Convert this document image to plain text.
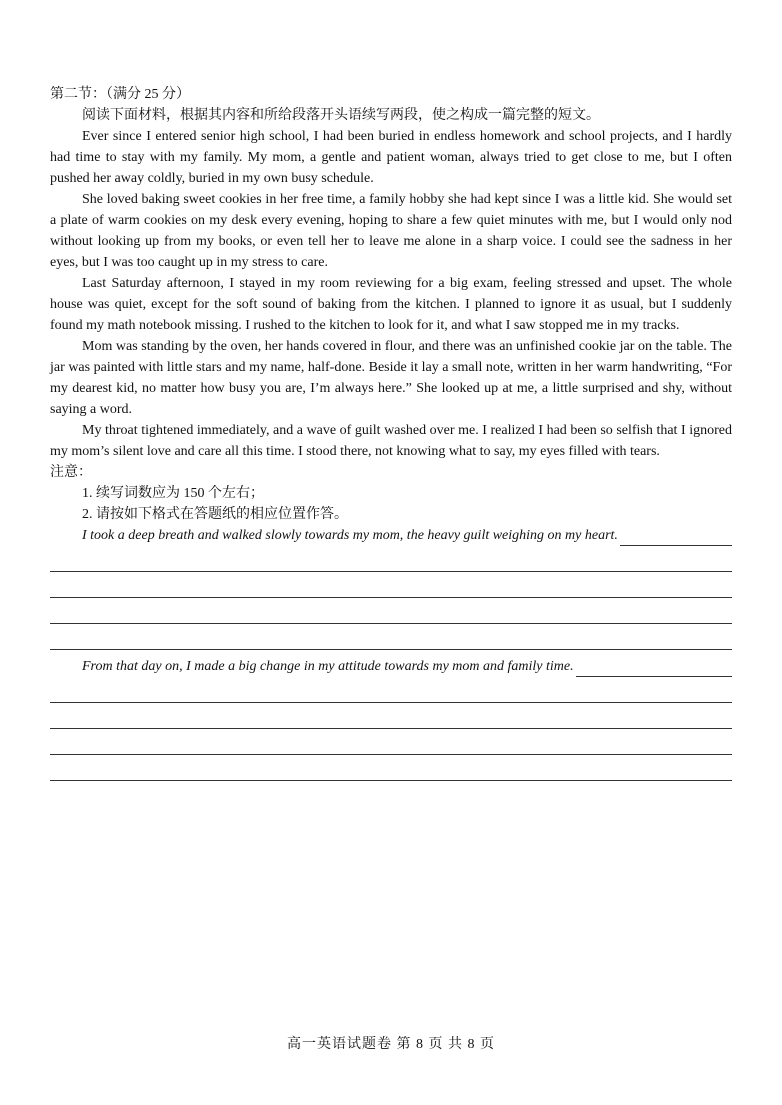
第二节：（满分 25 分）

阅读下面材料，根据其内容和所给段落开头语续写两段，使之构成一篇完整的短文。

Ever since I entered senior high school, I had been buried in endless homework and school projects, and I hardly had time to stay with my family. My mom, a gentle and patient woman, always tried to get close to me, but I often pushed her away coldly, buried in my own busy schedule.

She loved baking sweet cookies in her free time, a family hobby she had kept since I was a little kid. She would set a plate of warm cookies on my desk every evening, hoping to share a few quiet minutes with me, but I would only nod without looking up from my books, or even tell her to leave me alone in a sharp voice. I could see the sadness in her eyes, but I was too caught up in my stress to care.

Last Saturday afternoon, I stayed in my room reviewing for a big exam, feeling stressed and upset. The whole house was quiet, except for the soft sound of baking from the kitchen. I planned to ignore it as usual, but I suddenly found my math notebook missing. I rushed to the kitchen to look for it, and what I saw stopped me in my tracks.

Mom was standing by the oven, her hands covered in flour, and there was an unfinished cookie jar on the table. The jar was painted with little stars and my name, half-done. Beside it lay a small note, written in her warm handwriting, “For my dearest kid, no matter how busy you are, I’m always here.” She looked up at me, a little surprised and shy, without saying a word.

My throat tightened immediately, and a wave of guilt washed over me. I realized I had been so selfish that I ignored my mom’s silent love and care all this time. I stood there, not knowing what to say, my eyes filled with tears.

注意：

1. 续写词数应为 150 个左右；

2. 请按如下格式在答题纸的相应位置作答。

I took a deep breath and walked slowly towards my mom, the heavy guilt weighing on my heart.
From that day on, I made a big change in my attitude towards my mom and family time.
高一英语试题卷 第 8 页 共 8 页
